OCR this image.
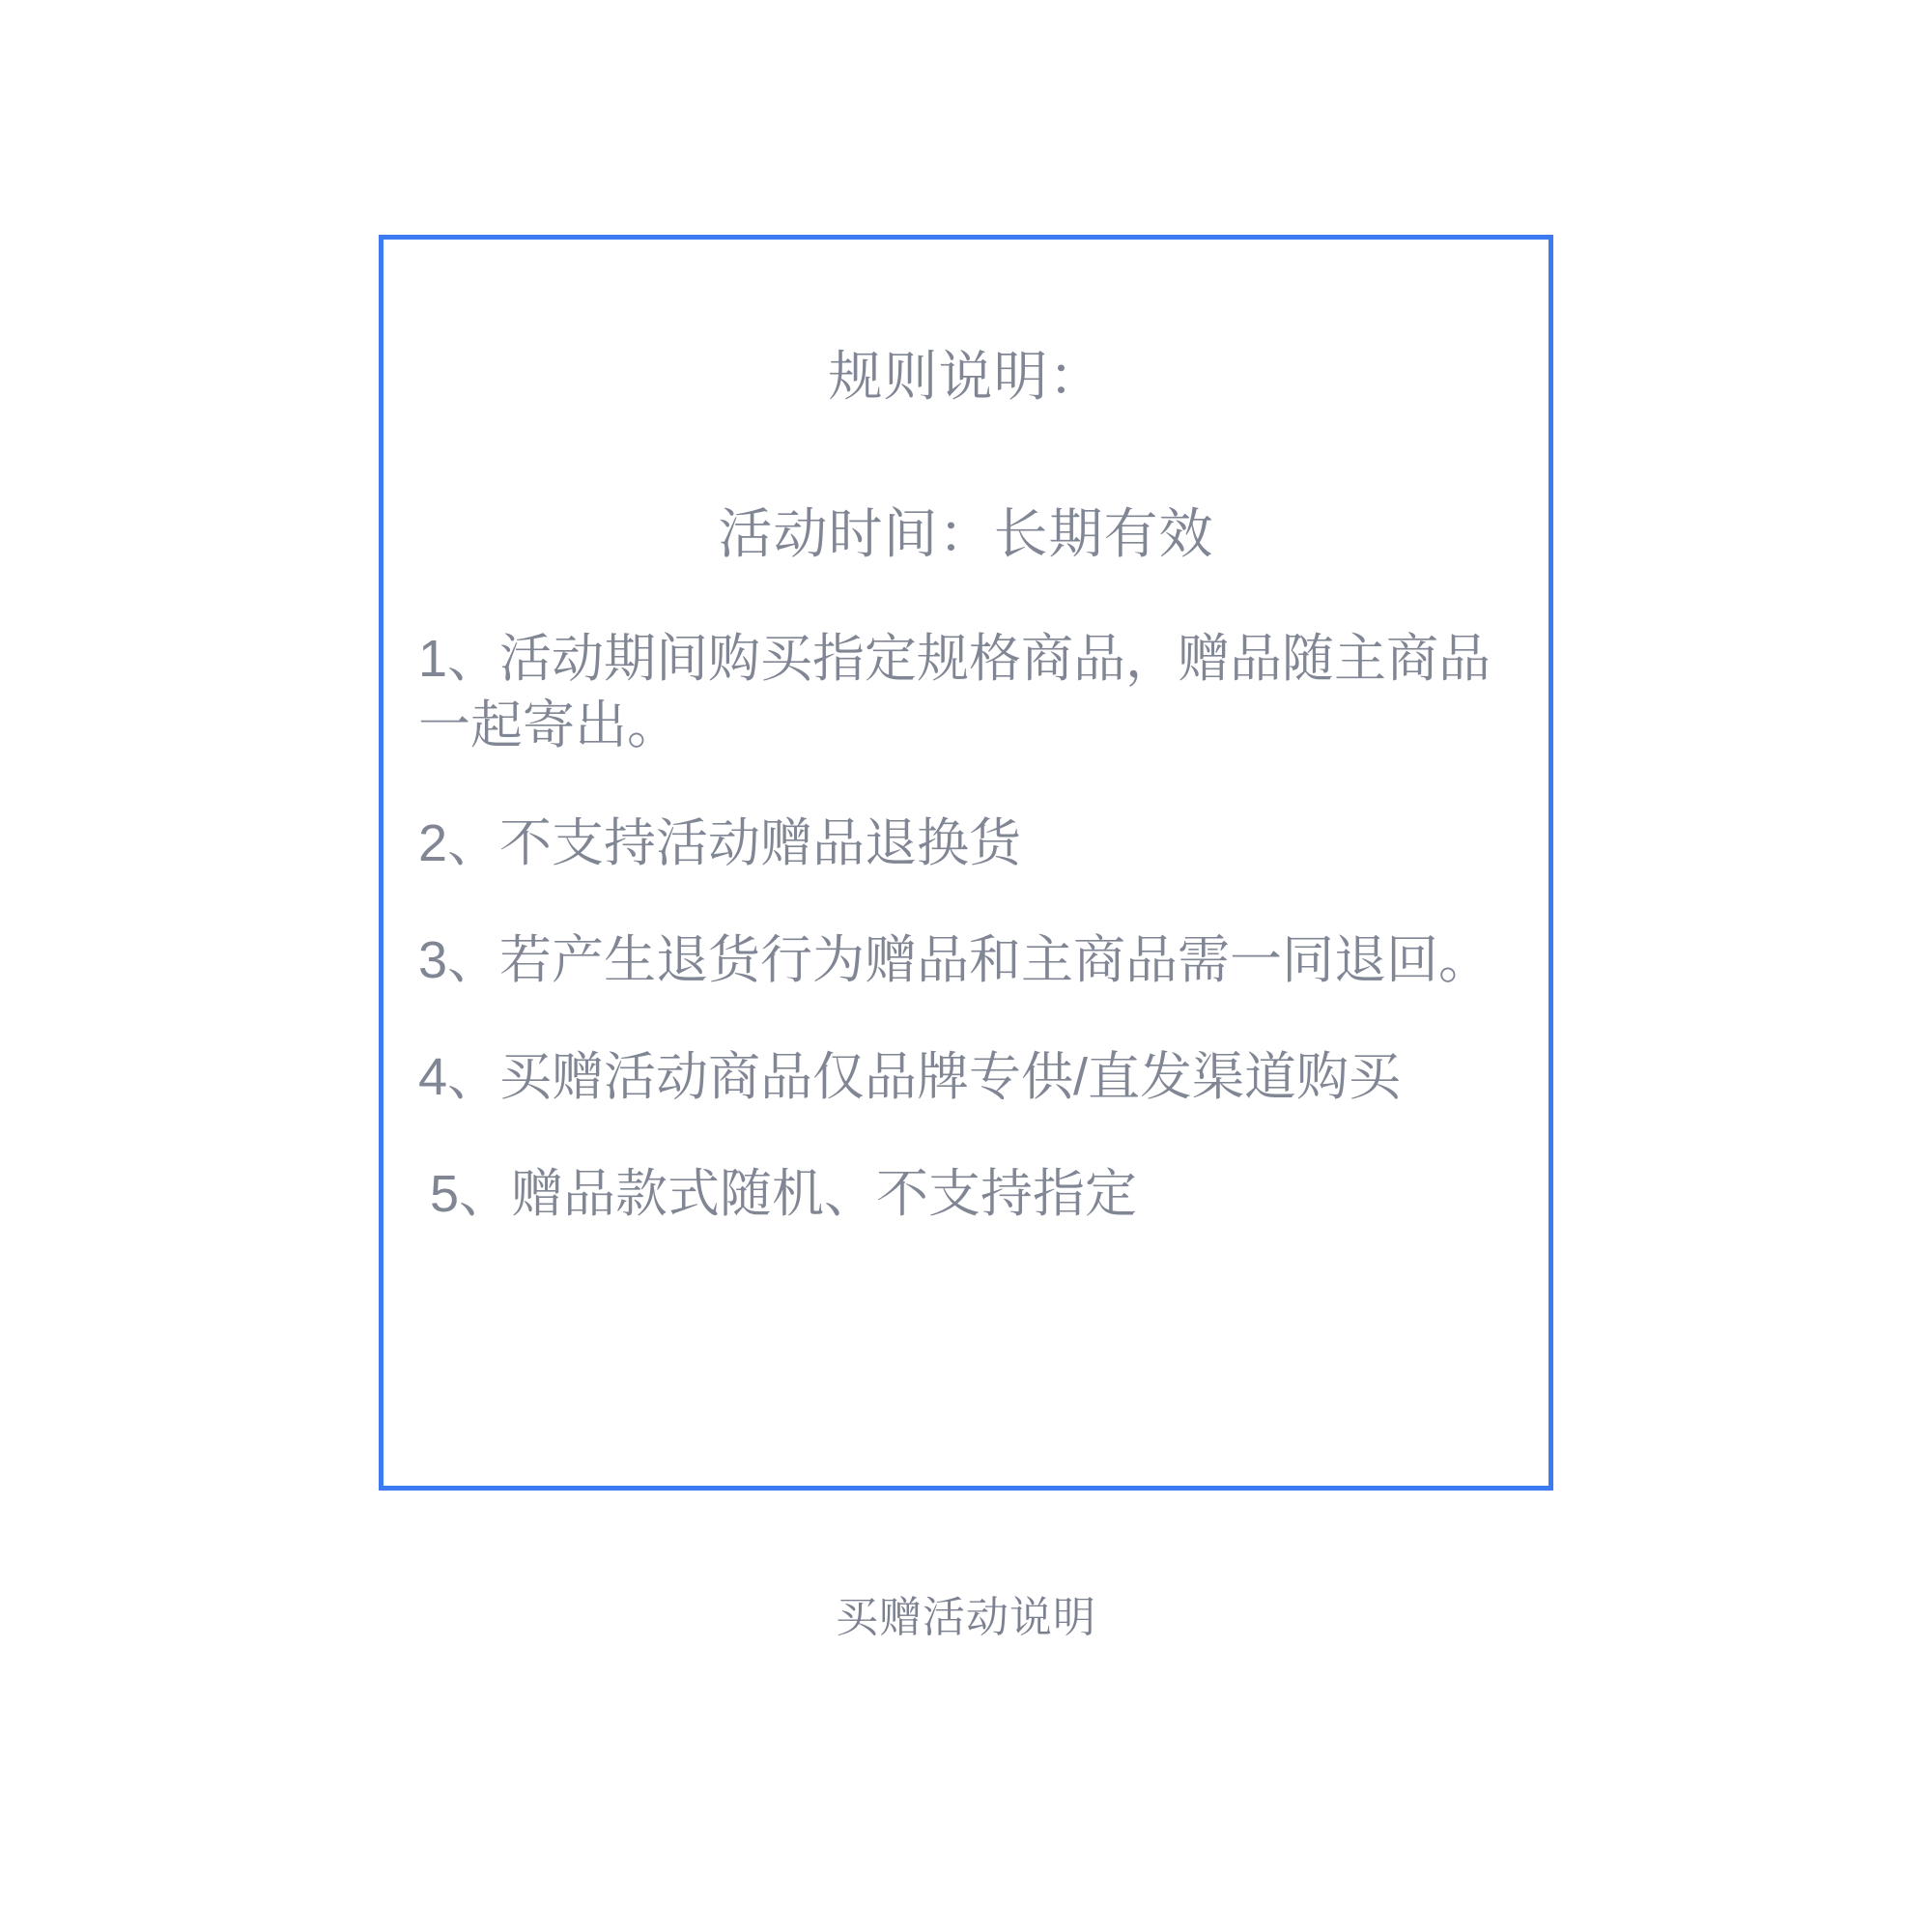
规则说明：
活动时间：长期有效
1、活动期间购买指定规格商品，赠品随主商品一起寄出。
2、不支持活动赠品退换货
3、若产生退货行为赠品和主商品需一同退回。
4、买赠活动商品仅品牌专供/直发渠道购买
5、赠品款式随机、不支持指定
买赠活动说明
